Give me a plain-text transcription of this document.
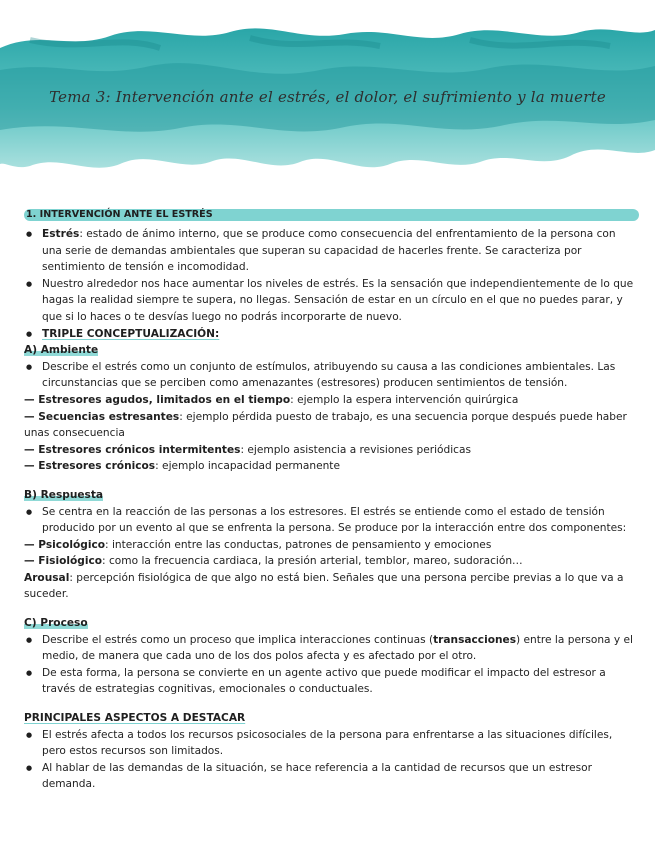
Tema 3: Intervención ante el estrés, el dolor, el sufrimiento y la muerte
1. INTERVENCIÓN ANTE EL ESTRÉS
● Estrés: estado de ánimo interno, que se produce como consecuencia del enfrentamiento de la persona con una serie de demandas ambientales que superan su capacidad de hacerles frente. Se caracteriza por sentimiento de tensión e incomodidad.
● Nuestro alrededor nos hace aumentar los niveles de estrés. Es la sensación que independientemente de lo que hagas la realidad siempre te supera, no llegas. Sensación de estar en un círculo en el que no puedes parar, y que si lo haces o te desvías luego no podrás incorporarte de nuevo.
● TRIPLE CONCEPTUALIZACIÓN:
A) Ambiente
● Describe el estrés como un conjunto de estímulos, atribuyendo su causa a las condiciones ambientales. Las circunstancias que se perciben como amenazantes (estresores) producen sentimientos de tensión.
— Estresores agudos, limitados en el tiempo: ejemplo la espera intervención quirúrgica
— Secuencias estresantes: ejemplo pérdida puesto de trabajo, es una secuencia porque después puede haber unas consecuencia
— Estresores crónicos intermitentes: ejemplo asistencia a revisiones periódicas
— Estresores crónicos: ejemplo incapacidad permanente
B) Respuesta
● Se centra en la reacción de las personas a los estresores. El estrés se entiende como el estado de tensión producido por un evento al que se enfrenta la persona. Se produce por la interacción entre dos componentes:
— Psicológico: interacción entre las conductas, patrones de pensamiento y emociones
— Fisiológico: como la frecuencia cardiaca, la presión arterial, temblor, mareo, sudoración…
Arousal: percepción fisiológica de que algo no está bien. Señales que una persona percibe previas a lo que va a suceder.
C) Proceso
● Describe el estrés como un proceso que implica interacciones continuas (transacciones) entre la persona y el medio, de manera que cada uno de los dos polos afecta y es afectado por el otro.
● De esta forma, la persona se convierte en un agente activo que puede modificar el impacto del estresor a través de estrategias cognitivas, emocionales o conductuales.
PRINCIPALES ASPECTOS A DESTACAR
● El estrés afecta a todos los recursos psicosociales de la persona para enfrentarse a las situaciones difíciles, pero estos recursos son limitados.
● Al hablar de las demandas de la situación, se hace referencia a la cantidad de recursos que un estresor demanda.
